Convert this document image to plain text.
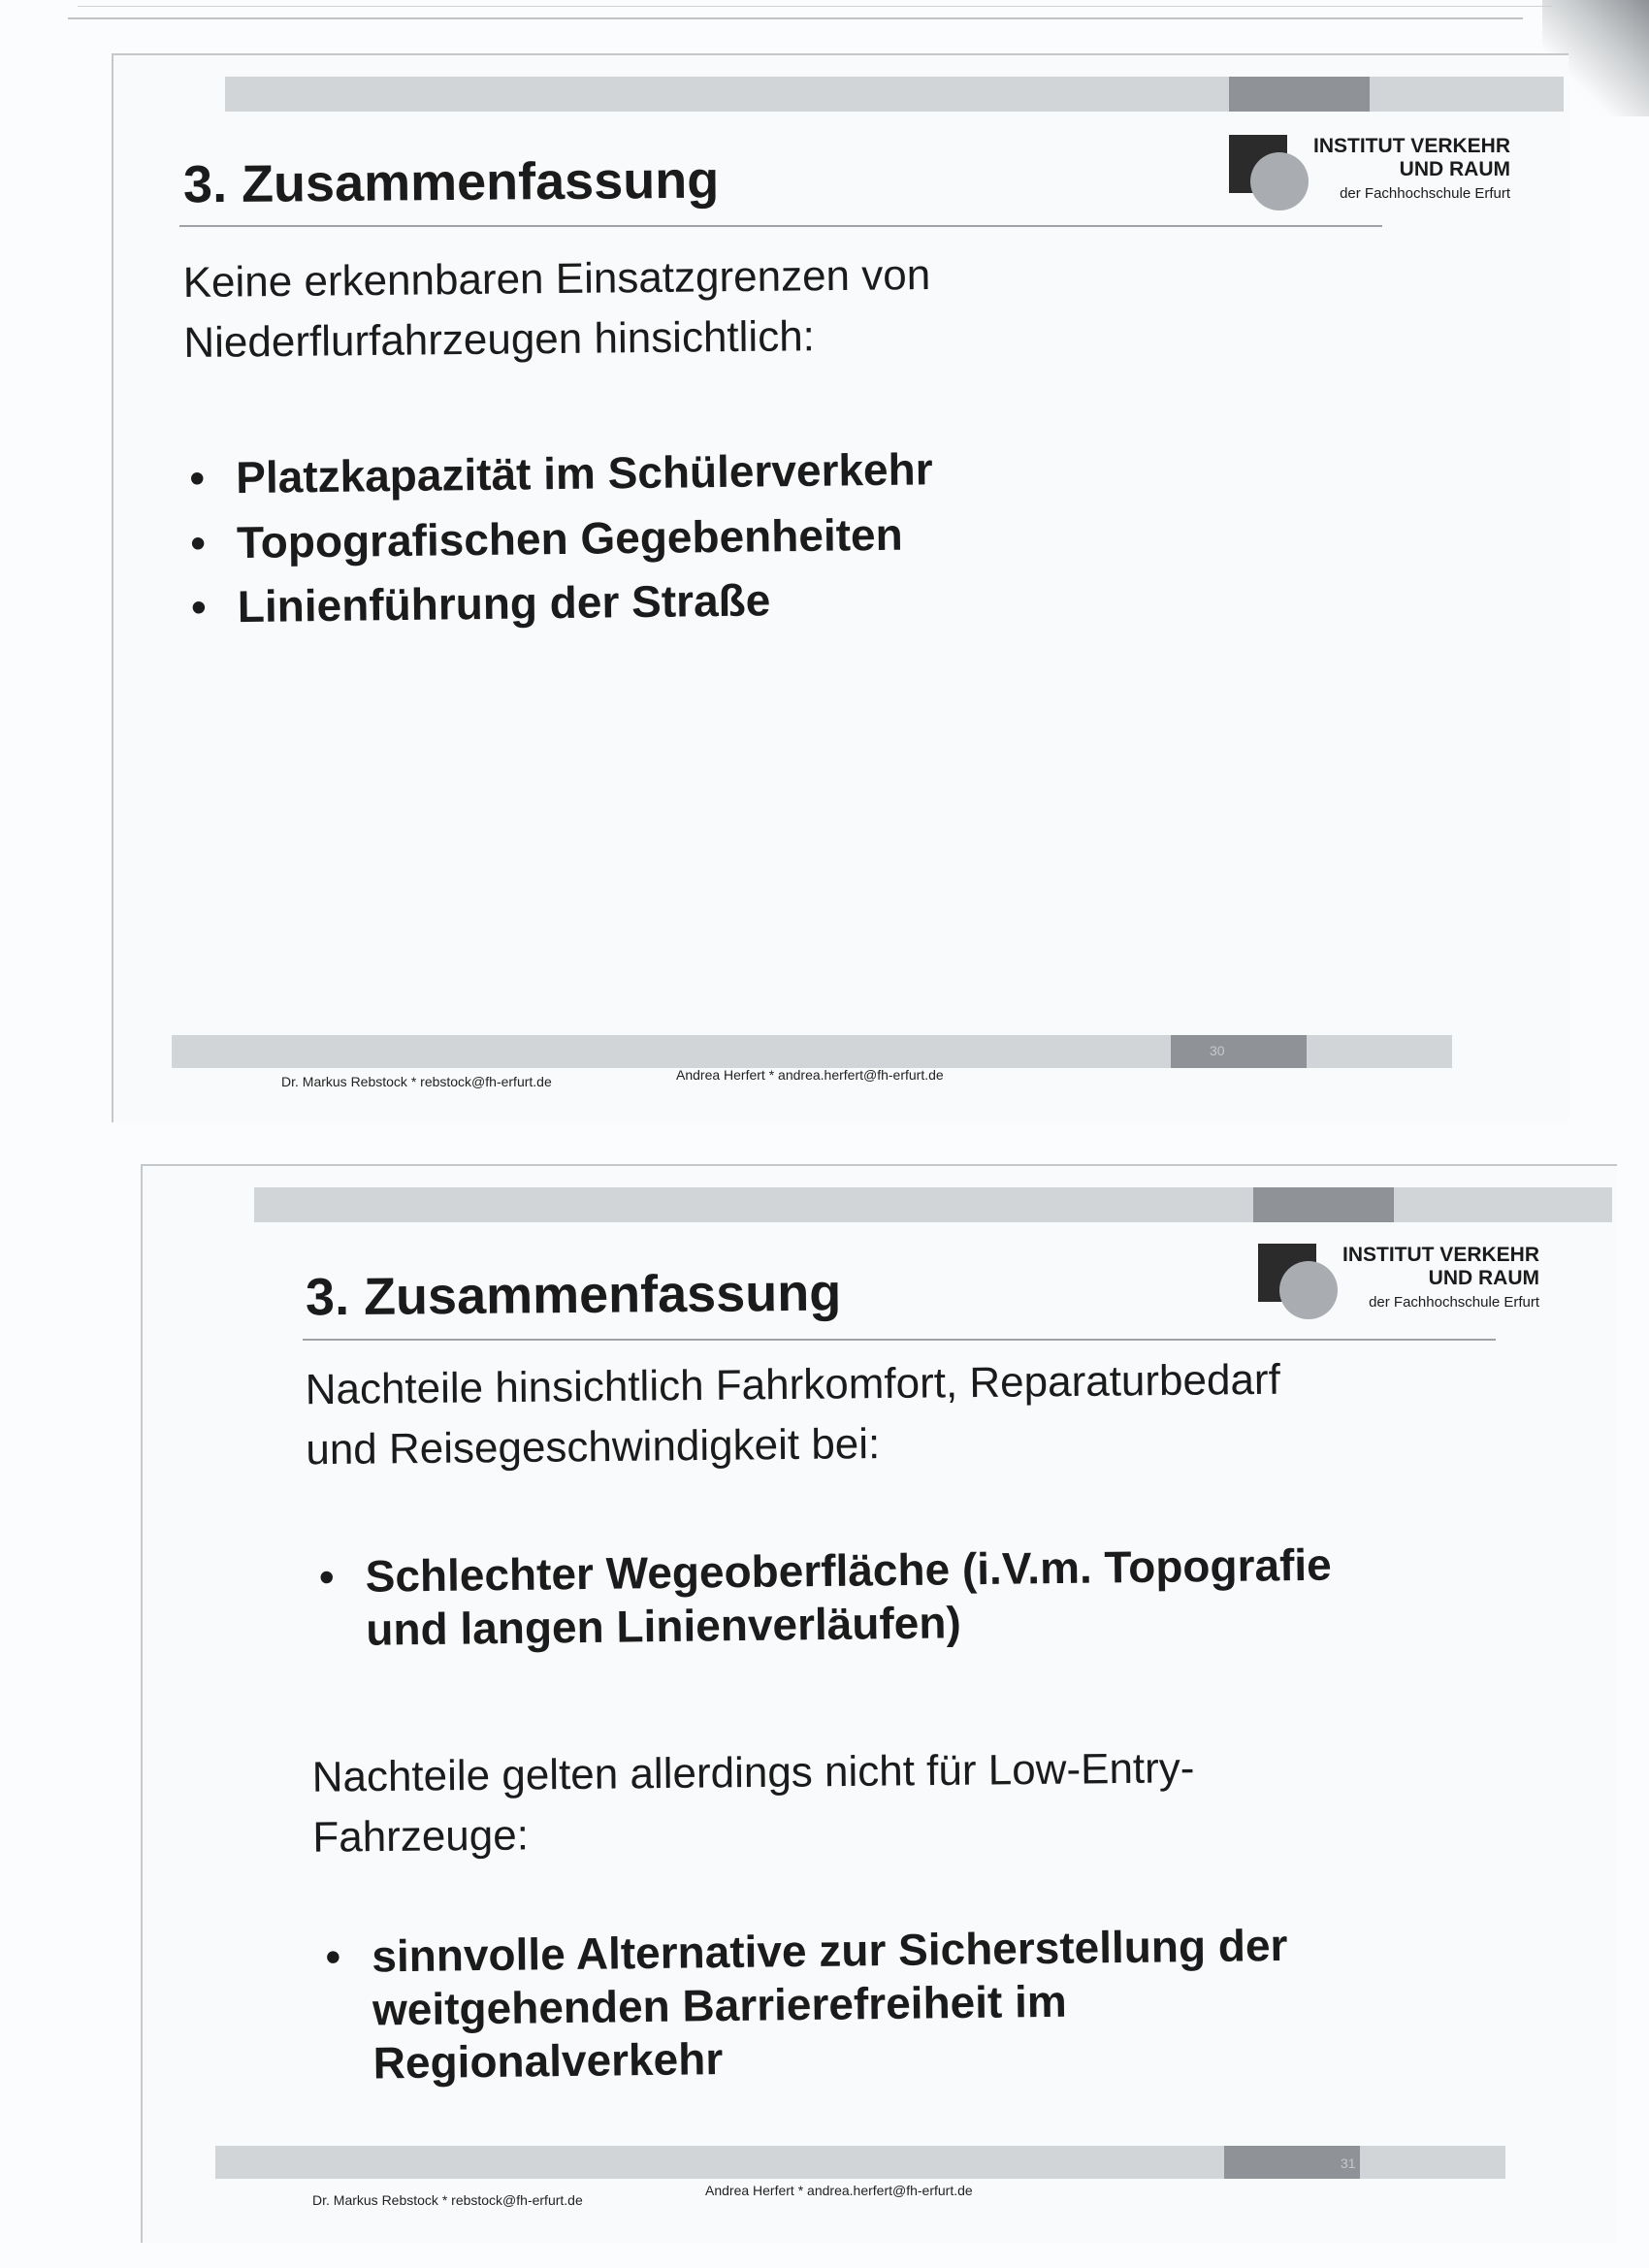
INSTITUT VERKEHR
UND RAUM
der Fachhochschule Erfurt
3. Zusammenfassung
Keine erkennbaren Einsatzgrenzen von
Niederflurfahrzeugen hinsichtlich:
• Platzkapazität im Schülerverkehr
• Topografischen Gegebenheiten
• Linienführung der Straße
30
Dr. Markus Rebstock * rebstock@fh-erfurt.de	Andrea Herfert * andrea.herfert@fh-erfurt.de
INSTITUT VERKEHR
UND RAUM
der Fachhochschule Erfurt
3. Zusammenfassung
Nachteile hinsichtlich Fahrkomfort, Reparaturbedarf
und Reisegeschwindigkeit bei:
• Schlechter Wegeoberfläche (i.V.m. Topografie
und langen Linienverläufen)
Nachteile gelten allerdings nicht für Low-Entry-
Fahrzeuge:
• sinnvolle Alternative zur Sicherstellung der
weitgehenden Barrierefreiheit im
Regionalverkehr
31
Dr. Markus Rebstock * rebstock@fh-erfurt.de
Andrea Herfert * andrea.herfert@fh-erfurt.de
